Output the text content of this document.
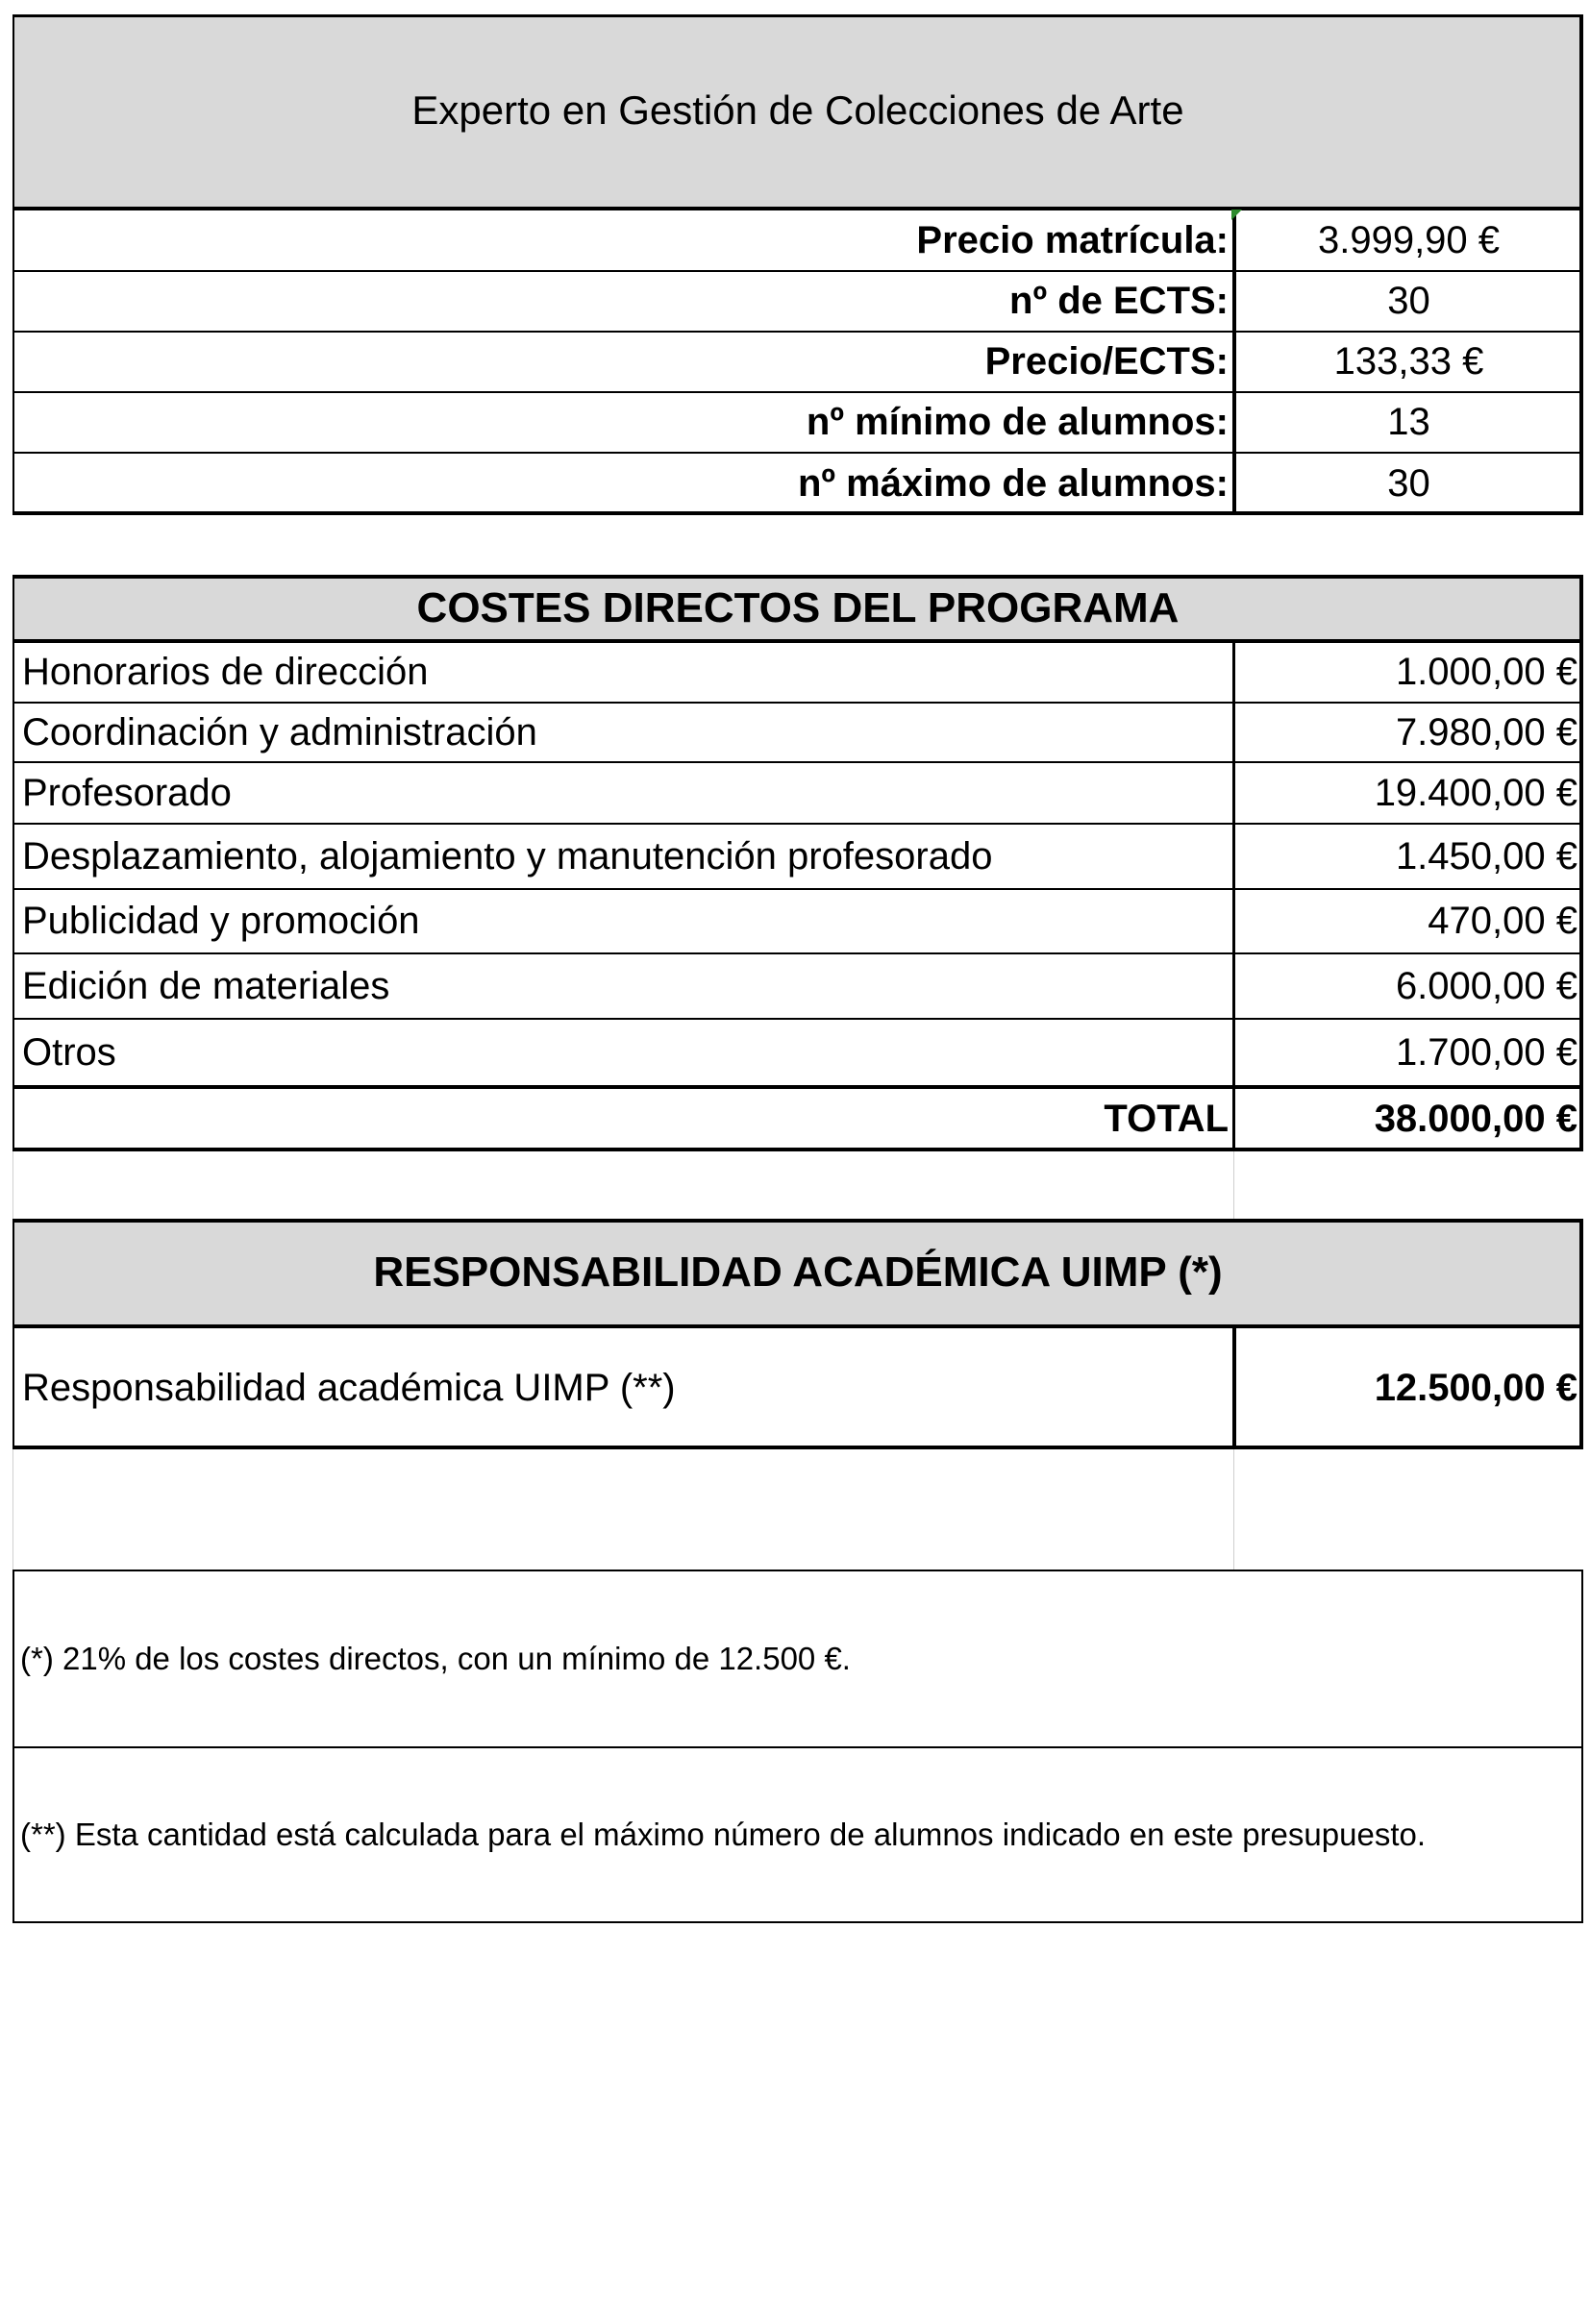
Experto en Gestión de Colecciones de Arte
Precio matrícula:	3.999,90 €
nº de ECTS:	30
Precio/ECTS:	133,33 €
nº mínimo de alumnos:	13
nº máximo de alumnos:	30
COSTES DIRECTOS DEL PROGRAMA
Honorarios de dirección	1.000,00 €
Coordinación y administración	7.980,00 €
Profesorado	19.400,00 €
Desplazamiento, alojamiento y manutención profesorado	1.450,00 €
Publicidad y promoción	470,00 €
Edición de materiales	6.000,00 €
Otros	1.700,00 €
TOTAL	38.000,00 €
RESPONSABILIDAD ACADÉMICA UIMP (*)
Responsabilidad académica UIMP (**)	12.500,00 €
(*) 21% de los costes directos, con un mínimo de 12.500 €.
(**) Esta cantidad está calculada para el máximo número de alumnos indicado en este presupuesto.
